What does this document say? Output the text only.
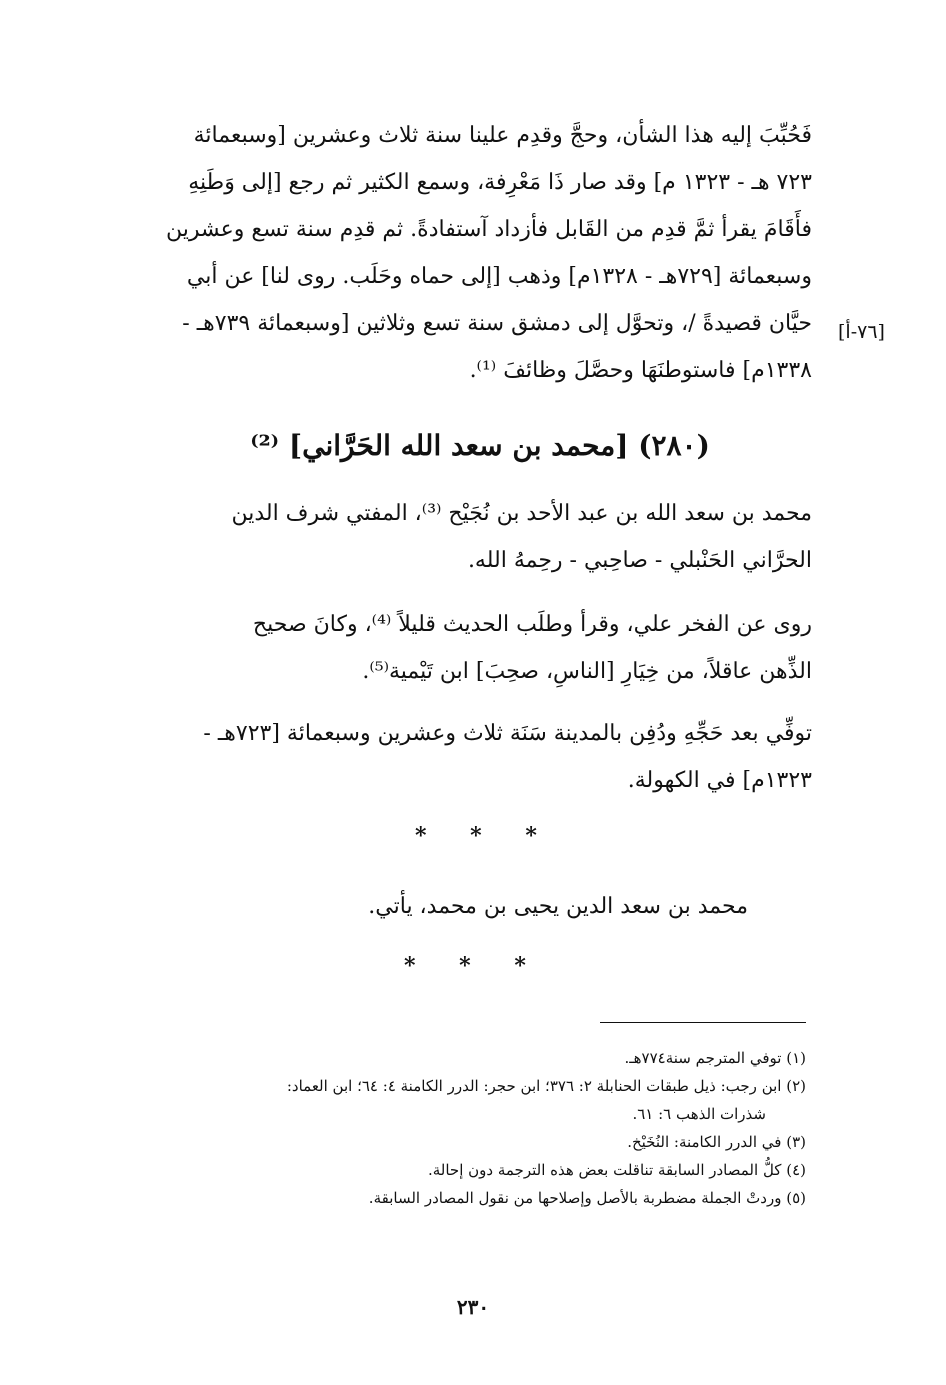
فَحُبِّبَ إليه هذا الشأن، وحجَّ وقدِم علينا سنة ثلاث وعشرين [وسبعمائة
٧٢٣ هـ - ١٣٢٣ م] وقد صار ذَا مَعْرِفة، وسمع الكثير ثم رجع [إلى وَطَنِهِ
فأَقَامَ يقرأ ثمَّ قدِم من القَابل فأزداد آستفادةً. ثم قدِم سنة تسع وعشرين
وسبعمائة [٧٢٩هـ - ١٣٢٨م] وذهب [إلى حماه وحَلَب. روى لنا] عن أبي
حيَّان قصيدةً /، وتحوَّل إلى دمشق سنة تسع وثلاثين [وسبعمائة ٧٣٩هـ -
١٣٣٨م] فاستوطنَهَا وحصَّلَ وظائفَ ⁽¹⁾.
[٧٦-أ]
(٢٨٠) [محمد بن سعد الله الحَرَّاني] ⁽²⁾
محمد بن سعد الله بن عبد الأحد بن نُجَيْح ⁽³⁾، المفتي شرف الدين
الحرَّاني الحَنْبلي - صاحِبي - رحِمهُ الله.
روى عن الفخر علي، وقرأ وطلَب الحديث قليلاً ⁽⁴⁾، وكانَ صحيح
الذِّهن عاقلاً، من خِيَارِ [الناسِ، صحِبَ] ابن تَيْمية⁽⁵⁾.
توفِّي بعد حَجِّهِ ودُفِن بالمدينة سَنَة ثلاث وعشرين وسبعمائة [٧٢٣هـ -
١٣٢٣م] في الكهولة.
* * *
محمد بن سعد الدين يحيى بن محمد، يأتي.
* * *
(١) توفي المترجم سنة٧٧٤هـ.
(٢) ابن رجب: ذيل طبقات الحنابلة ٢: ٣٧٦؛ ابن حجر: الدرر الكامنة ٤: ٦٤؛ ابن العماد:
شذرات الذهب ٦: ٦١.
(٣) في الدرر الكامنة: النُخَيْخ.
(٤) كلُّ المصادر السابقة تناقلت بعض هذه الترجمة دون إحالة.
(٥) وردتْ الجملة مضطربة بالأصل وإصلاحها من نقول المصادر السابقة.
٢٣٠
